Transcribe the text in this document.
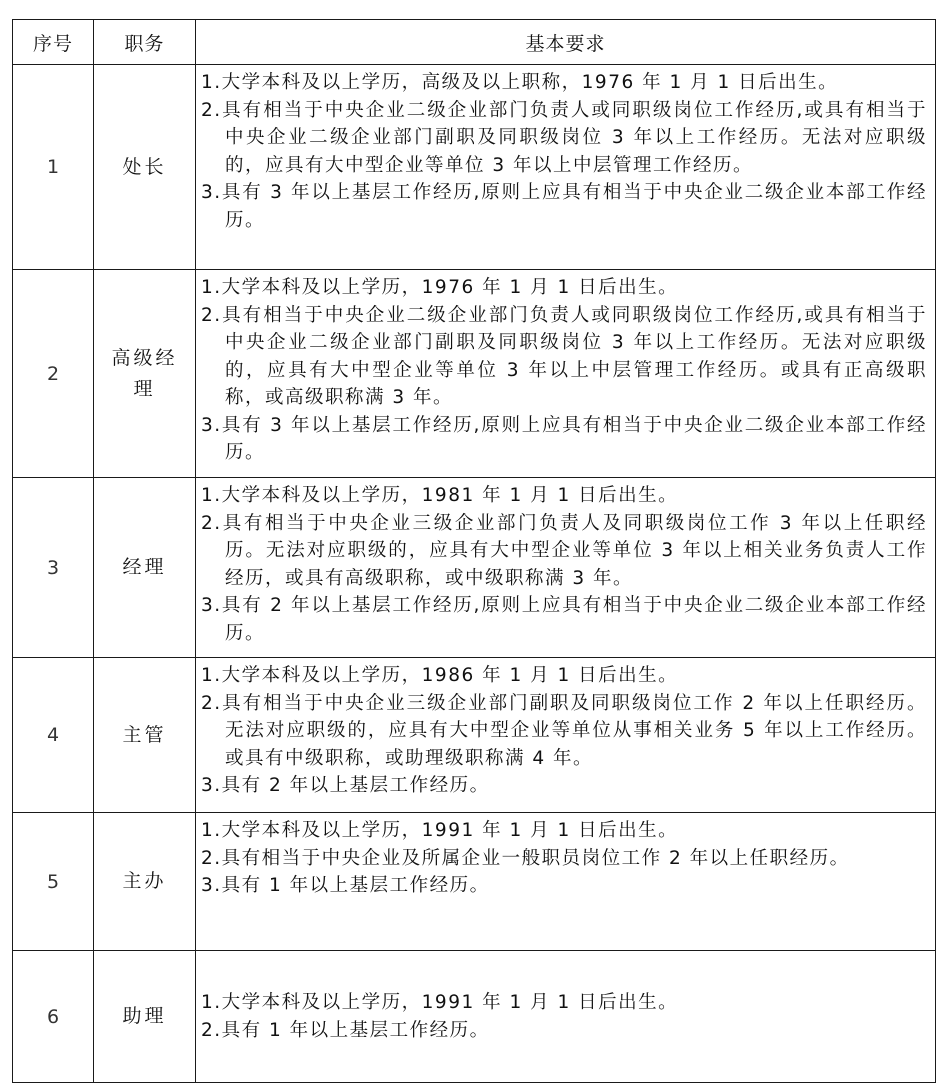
序号	职务	基本要求
1	处长	1.大学本科及以上学历，高级及以上职称，1976 年 1 月 1 日后出生。
2.具有相当于中央企业二级企业部门负责人或同职级岗位工作经历,或具有相当于中央企业二级企业部门副职及同职级岗位 3 年以上工作经历。无法对应职级的，应具有大中型企业等单位 3 年以上中层管理工作经历。
3.具有 3 年以上基层工作经历,原则上应具有相当于中央企业二级企业本部工作经历。

2	高级经理	1.大学本科及以上学历，1976 年 1 月 1 日后出生。
2.具有相当于中央企业二级企业部门负责人或同职级岗位工作经历,或具有相当于中央企业二级企业部门副职及同职级岗位 3 年以上工作经历。无法对应职级的，应具有大中型企业等单位 3 年以上中层管理工作经历。或具有正高级职称，或高级职称满 3 年。
3.具有 3 年以上基层工作经历,原则上应具有相当于中央企业二级企业本部工作经历。

3	经理	1.大学本科及以上学历，1981 年 1 月 1 日后出生。
2.具有相当于中央企业三级企业部门负责人及同职级岗位工作 3 年以上任职经历。无法对应职级的，应具有大中型企业等单位 3 年以上相关业务负责人工作经历，或具有高级职称，或中级职称满 3 年。
3.具有 2 年以上基层工作经历,原则上应具有相当于中央企业二级企业本部工作经历。

4	主管	1.大学本科及以上学历，1986 年 1 月 1 日后出生。
2.具有相当于中央企业三级企业部门副职及同职级岗位工作 2 年以上任职经历。无法对应职级的，应具有大中型企业等单位从事相关业务 5 年以上工作经历。或具有中级职称，或助理级职称满 4 年。
3.具有 2 年以上基层工作经历。

5	主办	1.大学本科及以上学历，1991 年 1 月 1 日后出生。
2.具有相当于中央企业及所属企业一般职员岗位工作 2 年以上任职经历。
3.具有 1 年以上基层工作经历。

6	助理	1.大学本科及以上学历，1991 年 1 月 1 日后出生。
2.具有 1 年以上基层工作经历。
